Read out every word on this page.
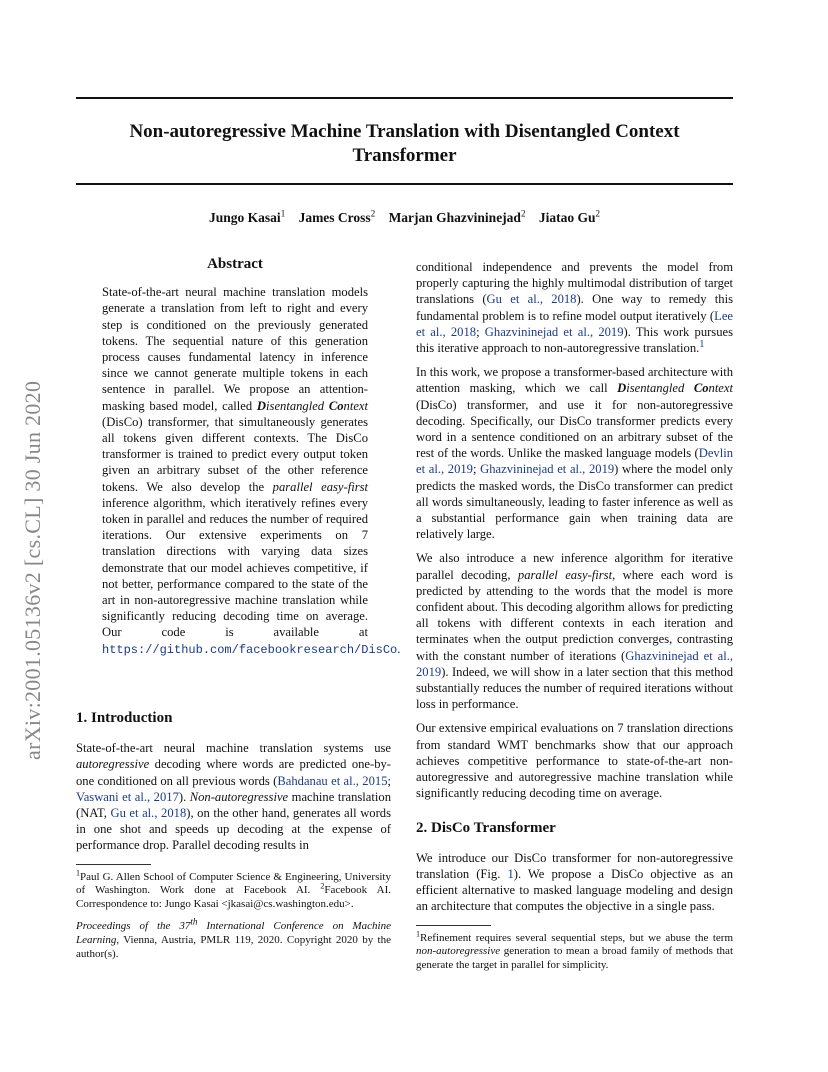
Non-autoregressive Machine Translation with Disentangled Context Transformer
Jungo Kasai$^1$ James Cross$^2$ Marjan Ghazvininejad$^2$ Jiatao Gu$^2$
arXiv:2001.05136v2 [cs.CL] 30 Jun 2020
Abstract

State-of-the-art neural machine translation models generate a translation from left to right and every step is conditioned on the previously generated tokens. The sequential nature of this generation process causes fundamental latency in inference since we cannot generate multiple tokens in each sentence in parallel. We propose an attention-masking based model, called Disentangled Context (DisCo) transformer, that simultaneously generates all tokens given different contexts. The DisCo transformer is trained to predict every output token given an arbitrary subset of the other reference tokens. We also develop the parallel easy-first inference algorithm, which iteratively refines every token in parallel and reduces the number of required iterations. Our extensive experiments on 7 translation directions with varying data sizes demonstrate that our model achieves competitive, if not better, performance compared to the state of the art in non-autoregressive machine translation while significantly reducing decoding time on average. Our code is available at https://github.com/facebookresearch/DisCo.

1. Introduction

State-of-the-art neural machine translation systems use autoregressive decoding where words are predicted one-by-one conditioned on all previous words (Bahdanau et al., 2015; Vaswani et al., 2017). Non-autoregressive machine translation (NAT, Gu et al., 2018), on the other hand, generates all words in one shot and speeds up decoding at the expense of performance drop. Parallel decoding results in

$^1$Paul G. Allen School of Computer Science & Engineering, University of Washington. Work done at Facebook AI. $^2$Facebook AI. Correspondence to: Jungo Kasai <jkasai@cs.washington.edu>.

Proceedings of the 37th International Conference on Machine Learning, Vienna, Austria, PMLR 119, 2020. Copyright 2020 by the author(s).

conditional independence and prevents the model from properly capturing the highly multimodal distribution of target translations (Gu et al., 2018). One way to remedy this fundamental problem is to refine model output iteratively (Lee et al., 2018; Ghazvininejad et al., 2019). This work pursues this iterative approach to non-autoregressive translation.$^1$

In this work, we propose a transformer-based architecture with attention masking, which we call Disentangled Context (DisCo) transformer, and use it for non-autoregressive decoding. Specifically, our DisCo transformer predicts every word in a sentence conditioned on an arbitrary subset of the rest of the words. Unlike the masked language models (Devlin et al., 2019; Ghazvininejad et al., 2019) where the model only predicts the masked words, the DisCo transformer can predict all words simultaneously, leading to faster inference as well as a substantial performance gain when training data are relatively large.

We also introduce a new inference algorithm for iterative parallel decoding, parallel easy-first, where each word is predicted by attending to the words that the model is more confident about. This decoding algorithm allows for predicting all tokens with different contexts in each iteration and terminates when the output prediction converges, contrasting with the constant number of iterations (Ghazvininejad et al., 2019). Indeed, we will show in a later section that this method substantially reduces the number of required iterations without loss in performance.

Our extensive empirical evaluations on 7 translation directions from standard WMT benchmarks show that our approach achieves competitive performance to state-of-the-art non-autoregressive and autoregressive machine translation while significantly reducing decoding time on average.

2. DisCo Transformer

We introduce our DisCo transformer for non-autoregressive translation (Fig. 1). We propose a DisCo objective as an efficient alternative to masked language modeling and design an architecture that computes the objective in a single pass.

$^1$Refinement requires several sequential steps, but we abuse the term non-autoregressive generation to mean a broad family of methods that generate the target in parallel for simplicity.
